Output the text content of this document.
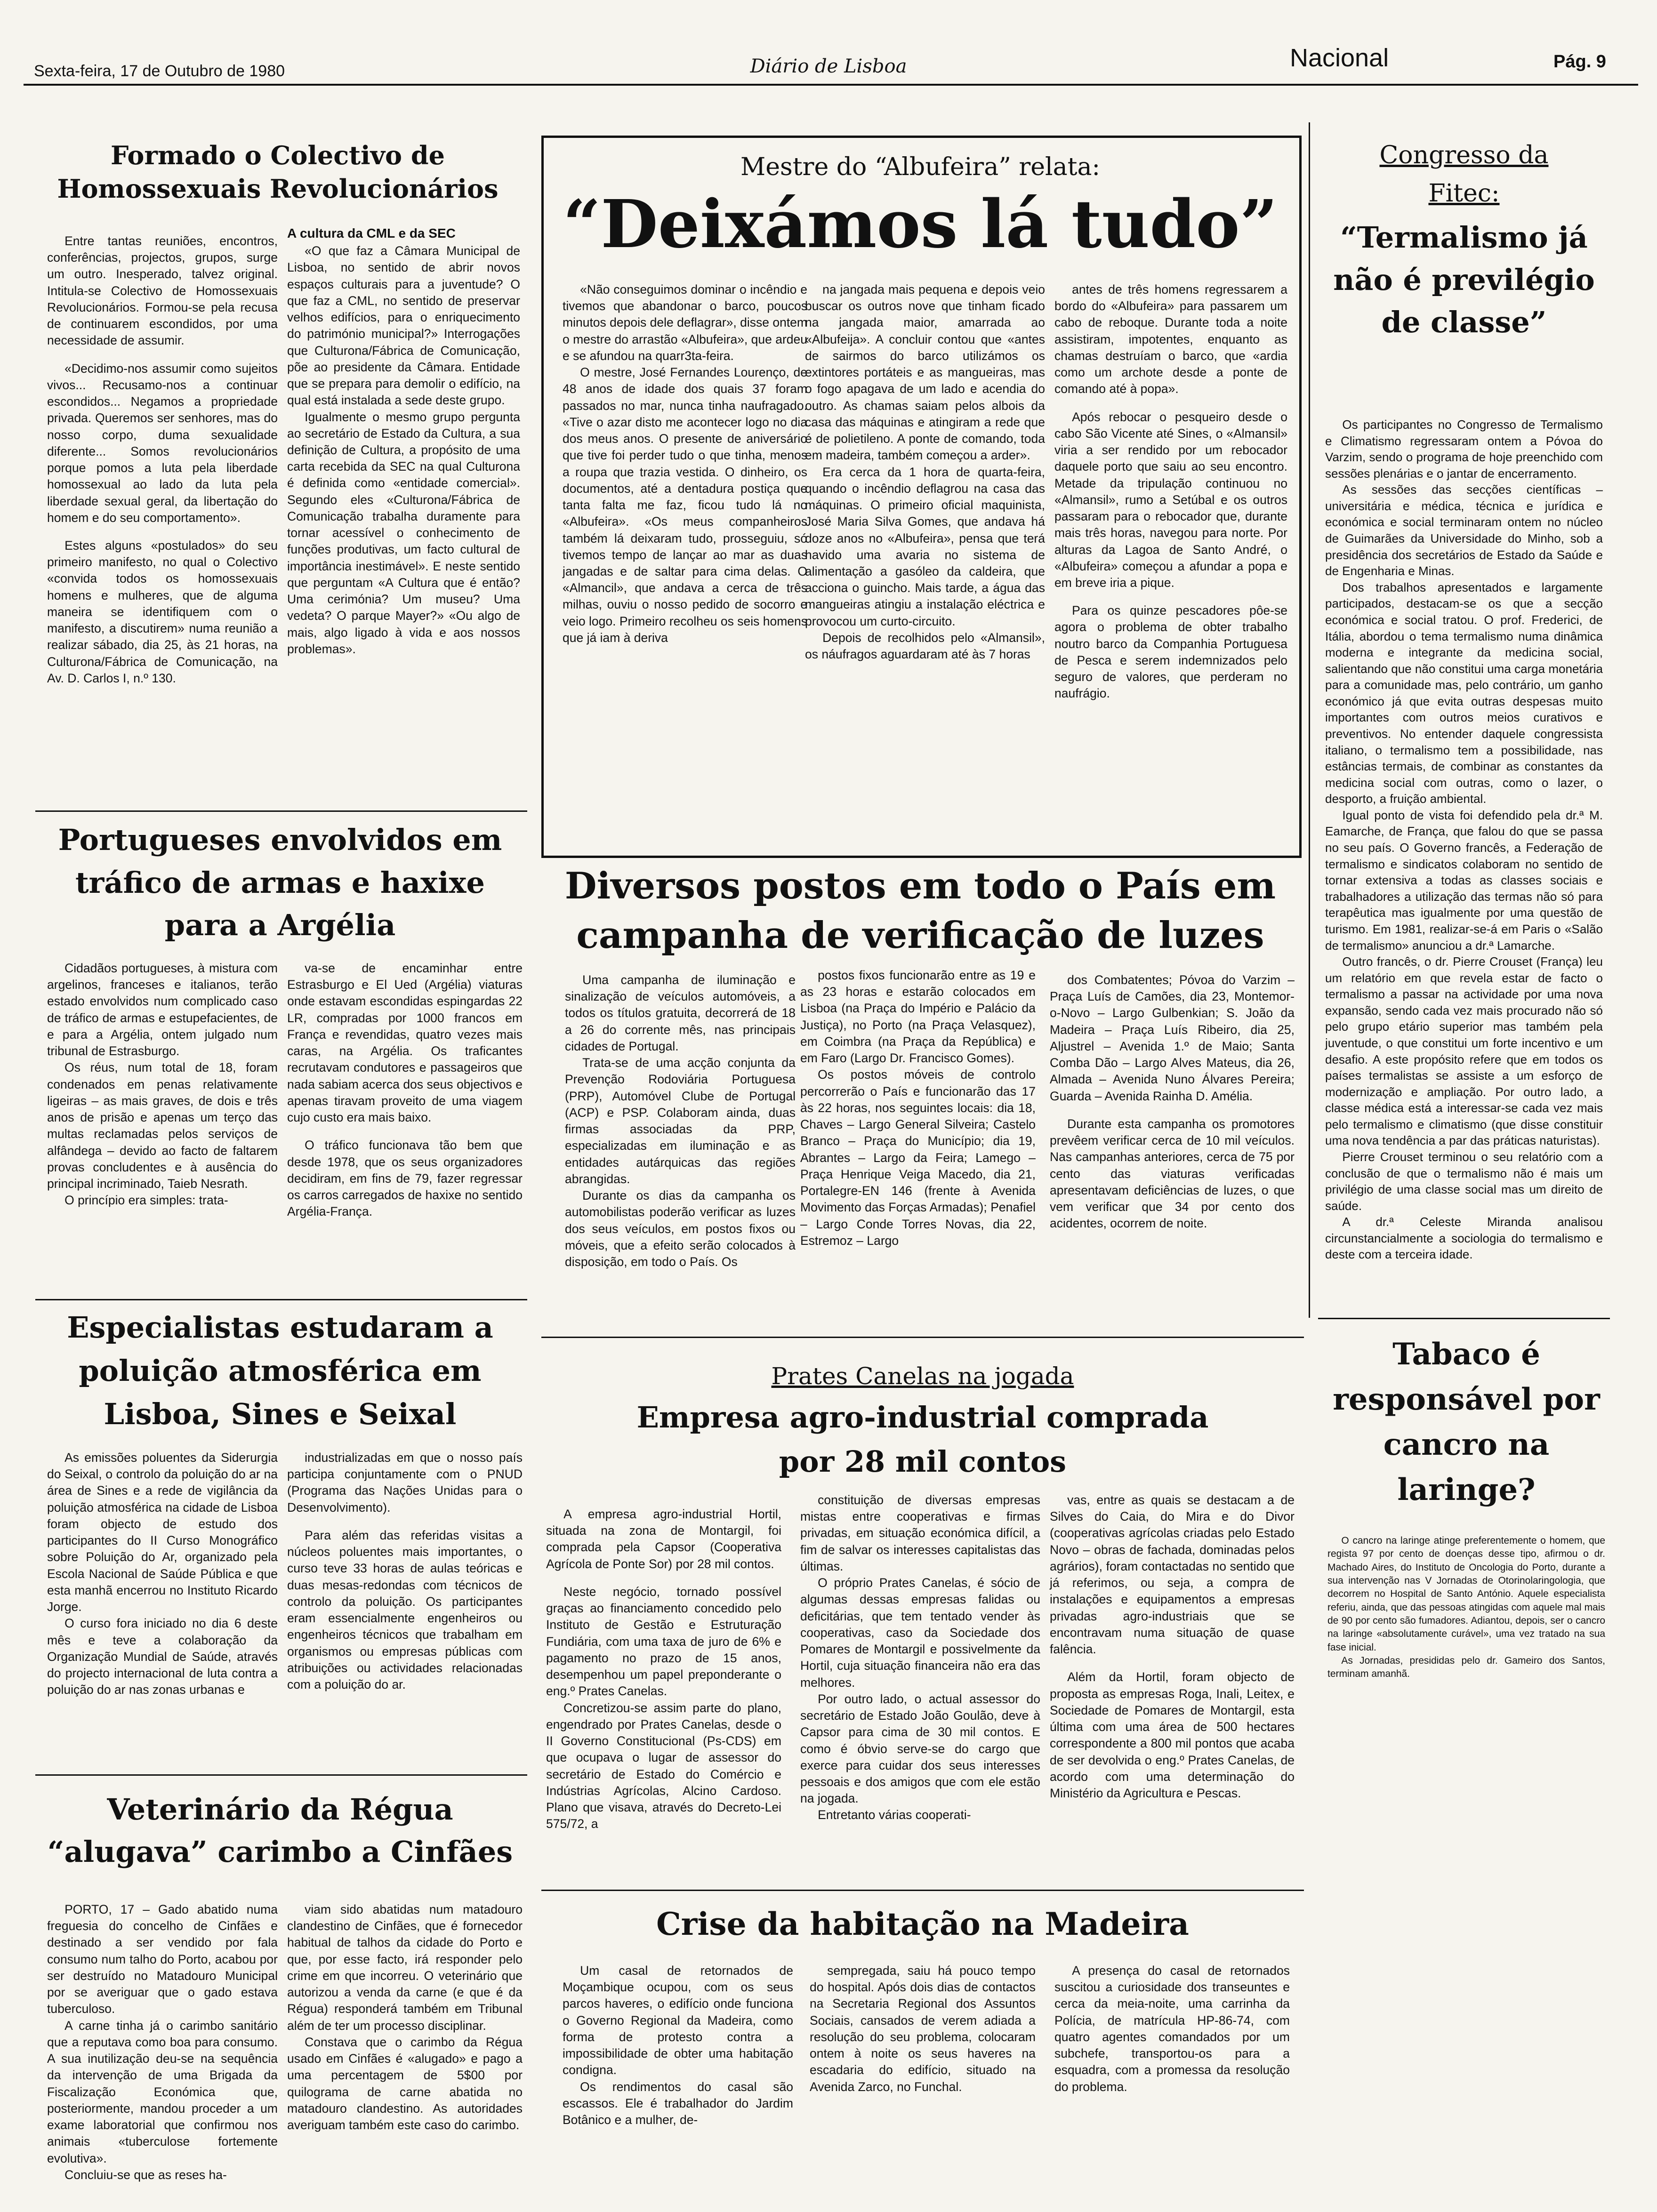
Sexta-feira, 17 de Outubro de 1980	Diário de Lisboa	Nacional	Pág. 9
Formado o Colectivo de Homossexuais Revolucionários

Entre tantas reuniões, encontros, conferências, projectos, grupos, surge um outro. Inesperado, talvez original. Intitula-se Colectivo de Homossexuais Revolucionários. Formou-se pela recusa de continuarem escondidos, por uma necessidade de assumir.

«Decidimo-nos assumir como sujeitos vivos... Recusamo-nos a continuar escondidos... Negamos a propriedade privada. Queremos ser senhores, mas do nosso corpo, duma sexualidade diferente... Somos revolucionários porque pomos a luta pela liberdade homossexual ao lado da luta pela liberdade sexual geral, da libertação do homem e do seu comportamento».

Estes alguns «postulados» do seu primeiro manifesto, no qual o Colectivo «convida todos os homossexuais homens e mulheres, que de alguma maneira se identifiquem com o manifesto, a discutirem» numa reunião a realizar sábado, dia 25, às 21 horas, na Culturona/Fábrica de Comunicação, na Av. D. Carlos I, n.º 130.

A cultura da CML e da SEC

«O que faz a Câmara Municipal de Lisboa, no sentido de abrir novos espaços culturais para a juventude? O que faz a CML, no sentido de preservar velhos edifícios, para o enriquecimento do património municipal?» Interrogações que Culturona/Fábrica de Comunicação, põe ao presidente da Câmara. Entidade que se prepara para demolir o edifício, na qual está instalada a sede deste grupo.

Igualmente o mesmo grupo pergunta ao secretário de Estado da Cultura, a sua definição de Cultura, a propósito de uma carta recebida da SEC na qual Culturona é definida como «entidade comercial». Segundo eles «Culturona/Fábrica de Comunicação trabalha duramente para tornar acessível o conhecimento de funções produtivas, um facto cultural de importância inestimável». E neste sentido que perguntam «A Cultura que é então? Uma cerimónia? Um museu? Uma vedeta? O parque Mayer?» «Ou algo de mais, algo ligado à vida e aos nossos problemas».

Mestre do “Albufeira” relata:
“Deixámos lá tudo”

«Não conseguimos dominar o incêndio e tivemos que abandonar o barco, poucos minutos depois dele deflagrar», disse ontem o mestre do arrastão «Albufeira», que ardeu e se afundou na quarr3ta-feira.

O mestre, José Fernandes Lourenço, de 48 anos de idade dos quais 37 foram passados no mar, nunca tinha naufragado. «Tive o azar disto me acontecer logo no dia dos meus anos. O presente de aniversário que tive foi perder tudo o que tinha, menos a roupa que trazia vestida. O dinheiro, os documentos, até a dentadura postiça que tanta falta me faz, ficou tudo lá no «Albufeira». «Os meus companheiros também lá deixaram tudo, prosseguiu, só tivemos tempo de lançar ao mar as duas jangadas e de saltar para cima delas. O «Almancil», que andava a cerca de três milhas, ouviu o nosso pedido de socorro e veio logo. Primeiro recolheu os seis homens que já iam à deriva

na jangada mais pequena e depois veio buscar os outros nove que tinham ficado na jangada maior, amarrada ao «Albufeija». A concluir contou que «antes de sairmos do barco utilizámos os extintores portáteis e as mangueiras, mas o fogo apagava de um lado e acendia do outro. As chamas saiam pelos albois da casa das máquinas e atingiram a rede que é de polietileno. A ponte de comando, toda em madeira, também começou a arder».

Era cerca da 1 hora de quarta-feira, quando o incêndio deflagrou na casa das máquinas. O primeiro oficial maquinista, José Maria Silva Gomes, que andava há doze anos no «Albufeira», pensa que terá havido uma avaria no sistema de alimentação a gasóleo da caldeira, que acciona o guincho. Mais tarde, a água das mangueiras atingiu a instalação eléctrica e provocou um curto-circuito.

Depois de recolhidos pelo «Almansil», os náufragos aguardaram até às 7 horas

antes de três homens regressarem a bordo do «Albufeira» para passarem um cabo de reboque. Durante toda a noite assistiram, impotentes, enquanto as chamas destruíam o barco, que «ardia como um archote desde a ponte de comando até à popa».

Após rebocar o pesqueiro desde o cabo São Vicente até Sines, o «Almansil» viria a ser rendido por um rebocador daquele porto que saiu ao seu encontro. Metade da tripulação continuou no «Almansil», rumo a Setúbal e os outros passaram para o rebocador que, durante mais três horas, navegou para norte. Por alturas da Lagoa de Santo André, o «Albufeira» começou a afundar a popa e em breve iria a pique.

Para os quinze pescadores pôe-se agora o problema de obter trabalho noutro barco da Companhia Portuguesa de Pesca e serem indemnizados pelo seguro de valores, que perderam no naufrágio.

Congresso da Fitec:
“Termalismo já não é previlégio de classe”

Os participantes no Congresso de Termalismo e Climatismo regressaram ontem a Póvoa do Varzim, sendo o programa de hoje preenchido com sessões plenárias e o jantar de encerramento.

As sessões das secções científicas – universitária e médica, técnica e jurídica e económica e social terminaram ontem no núcleo de Guimarães da Universidade do Minho, sob a presidência dos secretários de Estado da Saúde e de Engenharia e Minas.

Dos trabalhos apresentados e largamente participados, destacam-se os que a secção económica e social tratou. O prof. Frederici, de Itália, abordou o tema termalismo numa dinâmica moderna e integrante da medicina social, salientando que não constitui uma carga monetária para a comunidade mas, pelo contrário, um ganho económico já que evita outras despesas muito importantes com outros meios curativos e preventivos. No entender daquele congressista italiano, o termalismo tem a possibilidade, nas estâncias termais, de combinar as constantes da medicina social com outras, como o lazer, o desporto, a fruição ambiental.

Igual ponto de vista foi defendido pela dr.ª M. Eamarche, de França, que falou do que se passa no seu país. O Governo francês, a Federação de termalismo e sindicatos colaboram no sentido de tornar extensiva a todas as classes sociais e trabalhadores a utilização das termas não só para terapêutica mas igualmente por uma questão de turismo. Em 1981, realizar-se-á em Paris o «Salão de termalismo» anunciou a dr.ª Lamarche.

Outro francês, o dr. Pierre Crouset (França) leu um relatório em que revela estar de facto o termalismo a passar na actividade por uma nova expansão, sendo cada vez mais procurado não só pelo grupo etário superior mas também pela juventude, o que constitui um forte incentivo e um desafio. A este propósito refere que em todos os países termalistas se assiste a um esforço de modernização e ampliação. Por outro lado, a classe médica está a interessar-se cada vez mais pelo termalismo e climatismo (que disse constituir uma nova tendência a par das práticas naturistas).

Pierre Crouset terminou o seu relatório com a conclusão de que o termalismo não é mais um privilégio de uma classe social mas um direito de saúde.

A dr.ª Celeste Miranda analisou circunstancialmente a sociologia do termalismo e deste com a terceira idade.

Portugueses envolvidos em tráfico de armas e haxixe para a Argélia

Cidadãos portugueses, à mistura com argelinos, franceses e italianos, terão estado envolvidos num complicado caso de tráfico de armas e estupefacientes, de e para a Argélia, ontem julgado num tribunal de Estrasburgo.

Os réus, num total de 18, foram condenados em penas relativamente ligeiras – as mais graves, de dois e três anos de prisão e apenas um terço das multas reclamadas pelos serviços de alfândega – devido ao facto de faltarem provas concludentes e à ausência do principal incriminado, Taieb Nesrath.

O princípio era simples: trata-

va-se de encaminhar entre Estrasburgo e El Ued (Argélia) viaturas onde estavam escondidas espingardas 22 LR, compradas por 1000 francos em França e revendidas, quatro vezes mais caras, na Argélia. Os traficantes recrutavam condutores e passageiros que nada sabiam acerca dos seus objectivos e apenas tiravam proveito de uma viagem cujo custo era mais baixo.

O tráfico funcionava tão bem que desde 1978, que os seus organizadores decidiram, em fins de 79, fazer regressar os carros carregados de haxixe no sentido Argélia-França.

Diversos postos em todo o País em campanha de verificação de luzes

Uma campanha de iluminação e sinalização de veículos automóveis, a todos os títulos gratuita, decorrerá de 18 a 26 do corrente mês, nas principais cidades de Portugal.

Trata-se de uma acção conjunta da Prevenção Rodoviária Portuguesa (PRP), Automóvel Clube de Portugal (ACP) e PSP. Colaboram ainda, duas firmas associadas da PRP, especializadas em iluminação e as entidades autárquicas das regiões abrangidas.

Durante os dias da campanha os automobilistas poderão verificar as luzes dos seus veículos, em postos fixos ou móveis, que a efeito serão colocados à disposição, em todo o País. Os

postos fixos funcionarão entre as 19 e as 23 horas e estarão colocados em Lisboa (na Praça do Império e Palácio da Justiça), no Porto (na Praça Velasquez), em Coimbra (na Praça da República) e em Faro (Largo Dr. Francisco Gomes).

Os postos móveis de controlo percorrerão o País e funcionarão das 17 às 22 horas, nos seguintes locais: dia 18, Chaves – Largo General Silveira; Castelo Branco – Praça do Município; dia 19, Abrantes – Largo da Feira; Lamego – Praça Henrique Veiga Macedo, dia 21, Portalegre-EN 146 (frente à Avenida Movimento das Forças Armadas); Penafiel – Largo Conde Torres Novas, dia 22, Estremoz – Largo

dos Combatentes; Póvoa do Varzim – Praça Luís de Camões, dia 23, Montemor-o-Novo – Largo Gulbenkian; S. João da Madeira – Praça Luís Ribeiro, dia 25, Aljustrel – Avenida 1.º de Maio; Santa Comba Dão – Largo Alves Mateus, dia 26, Almada – Avenida Nuno Álvares Pereira; Guarda – Avenida Rainha D. Amélia.

Durante esta campanha os promotores prevêem verificar cerca de 10 mil veículos. Nas campanhas anteriores, cerca de 75 por cento das viaturas verificadas apresentavam deficiências de luzes, o que vem verificar que 34 por cento dos acidentes, ocorrem de noite.

Especialistas estudaram a poluição atmosférica em Lisboa, Sines e Seixal

As emissões poluentes da Siderurgia do Seixal, o controlo da poluição do ar na área de Sines e a rede de vigilância da poluição atmosférica na cidade de Lisboa foram objecto de estudo dos participantes do II Curso Monográfico sobre Poluição do Ar, organizado pela Escola Nacional de Saúde Pública e que esta manhã encerrou no Instituto Ricardo Jorge.

O curso fora iniciado no dia 6 deste mês e teve a colaboração da Organização Mundial de Saúde, através do projecto internacional de luta contra a poluição do ar nas zonas urbanas e

industrializadas em que o nosso país participa conjuntamente com o PNUD (Programa das Nações Unidas para o Desenvolvimento).

Para além das referidas visitas a núcleos poluentes mais importantes, o curso teve 33 horas de aulas teóricas e duas mesas-redondas com técnicos de controlo da poluição. Os participantes eram essencialmente engenheiros ou engenheiros técnicos que trabalham em organismos ou empresas públicas com atribuições ou actividades relacionadas com a poluição do ar.

Prates Canelas na jogada
Empresa agro-industrial comprada por 28 mil contos

A empresa agro-industrial Hortil, situada na zona de Montargil, foi comprada pela Capsor (Cooperativa Agrícola de Ponte Sor) por 28 mil contos.

Neste negócio, tornado possível graças ao financiamento concedido pelo Instituto de Gestão e Estruturação Fundiária, com uma taxa de juro de 6% e pagamento no prazo de 15 anos, desempenhou um papel preponderante o eng.º Prates Canelas.

Concretizou-se assim parte do plano, engendrado por Prates Canelas, desde o II Governo Constitucional (Ps-CDS) em que ocupava o lugar de assessor do secretário de Estado do Comércio e Indústrias Agrícolas, Alcino Cardoso. Plano que visava, através do Decreto-Lei 575/72, a

constituição de diversas empresas mistas entre cooperativas e firmas privadas, em situação económica difícil, a fim de salvar os interesses capitalistas das últimas.

O próprio Prates Canelas, é sócio de algumas dessas empresas falidas ou deficitárias, que tem tentado vender às cooperativas, caso da Sociedade dos Pomares de Montargil e possivelmente da Hortil, cuja situação financeira não era das melhores.

Por outro lado, o actual assessor do secretário de Estado João Goulão, deve à Capsor para cima de 30 mil contos. E como é óbvio serve-se do cargo que exerce para cuidar dos seus interesses pessoais e dos amigos que com ele estão na jogada.

Entretanto várias cooperati-

vas, entre as quais se destacam a de Silves do Caia, do Mira e do Divor (cooperativas agrícolas criadas pelo Estado Novo – obras de fachada, dominadas pelos agrários), foram contactadas no sentido que já referimos, ou seja, a compra de instalações e equipamentos a empresas privadas agro-industriais que se encontravam numa situação de quase falência.

Além da Hortil, foram objecto de proposta as empresas Roga, Inali, Leitex, e Sociedade de Pomares de Montargil, esta última com uma área de 500 hectares correspondente a 800 mil pontos que acaba de ser devolvida o eng.º Prates Canelas, de acordo com uma determinação do Ministério da Agricultura e Pescas.

Veterinário da Régua “alugava” carimbo a Cinfães

PORTO, 17 – Gado abatido numa freguesia do concelho de Cinfães e destinado a ser vendido por fala consumo num talho do Porto, acabou por ser destruído no Matadouro Municipal por se averiguar que o gado estava tuberculoso.

A carne tinha já o carimbo sanitário que a reputava como boa para consumo. A sua inutilização deu-se na sequência da intervenção de uma Brigada da Fiscalização Económica que, posteriormente, mandou proceder a um exame laboratorial que confirmou nos animais «tuberculose fortemente evolutiva».

Concluiu-se que as reses ha-

viam sido abatidas num matadouro clandestino de Cinfães, que é fornecedor habitual de talhos da cidade do Porto e que, por esse facto, irá responder pelo crime em que incorreu. O veterinário que autorizou a venda da carne (e que é da Régua) responderá também em Tribunal além de ter um processo disciplinar.

Constava que o carimbo da Régua usado em Cinfães é «alugado» e pago a uma percentagem de 5$00 por quilograma de carne abatida no matadouro clandestino. As autoridades averiguam também este caso do carimbo.

Crise da habitação na Madeira

Um casal de retornados de Moçambique ocupou, com os seus parcos haveres, o edifício onde funciona o Governo Regional da Madeira, como forma de protesto contra a impossibilidade de obter uma habitação condigna.

Os rendimentos do casal são escassos. Ele é trabalhador do Jardim Botânico e a mulher, de-

sempregada, saiu há pouco tempo do hospital. Após dois dias de contactos na Secretaria Regional dos Assuntos Sociais, cansados de verem adiada a resolução do seu problema, colocaram ontem à noite os seus haveres na escadaria do edifício, situado na Avenida Zarco, no Funchal.

A presença do casal de retornados suscitou a curiosidade dos transeuntes e cerca da meia-noite, uma carrinha da Polícia, de matrícula HP-86-74, com quatro agentes comandados por um subchefe, transportou-os para a esquadra, com a promessa da resolução do problema.

Tabaco é responsável por cancro na laringe?

O cancro na laringe atinge preferentemente o homem, que regista 97 por cento de doenças desse tipo, afirmou o dr. Machado Aires, do Instituto de Oncologia do Porto, durante a sua intervenção nas V Jornadas de Otorinolaringologia, que decorrem no Hospital de Santo António. Aquele especialista referiu, ainda, que das pessoas atingidas com aquele mal mais de 90 por cento são fumadores. Adiantou, depois, ser o cancro na laringe «absolutamente curável», uma vez tratado na sua fase inicial.

As Jornadas, presididas pelo dr. Gameiro dos Santos, terminam amanhã.
